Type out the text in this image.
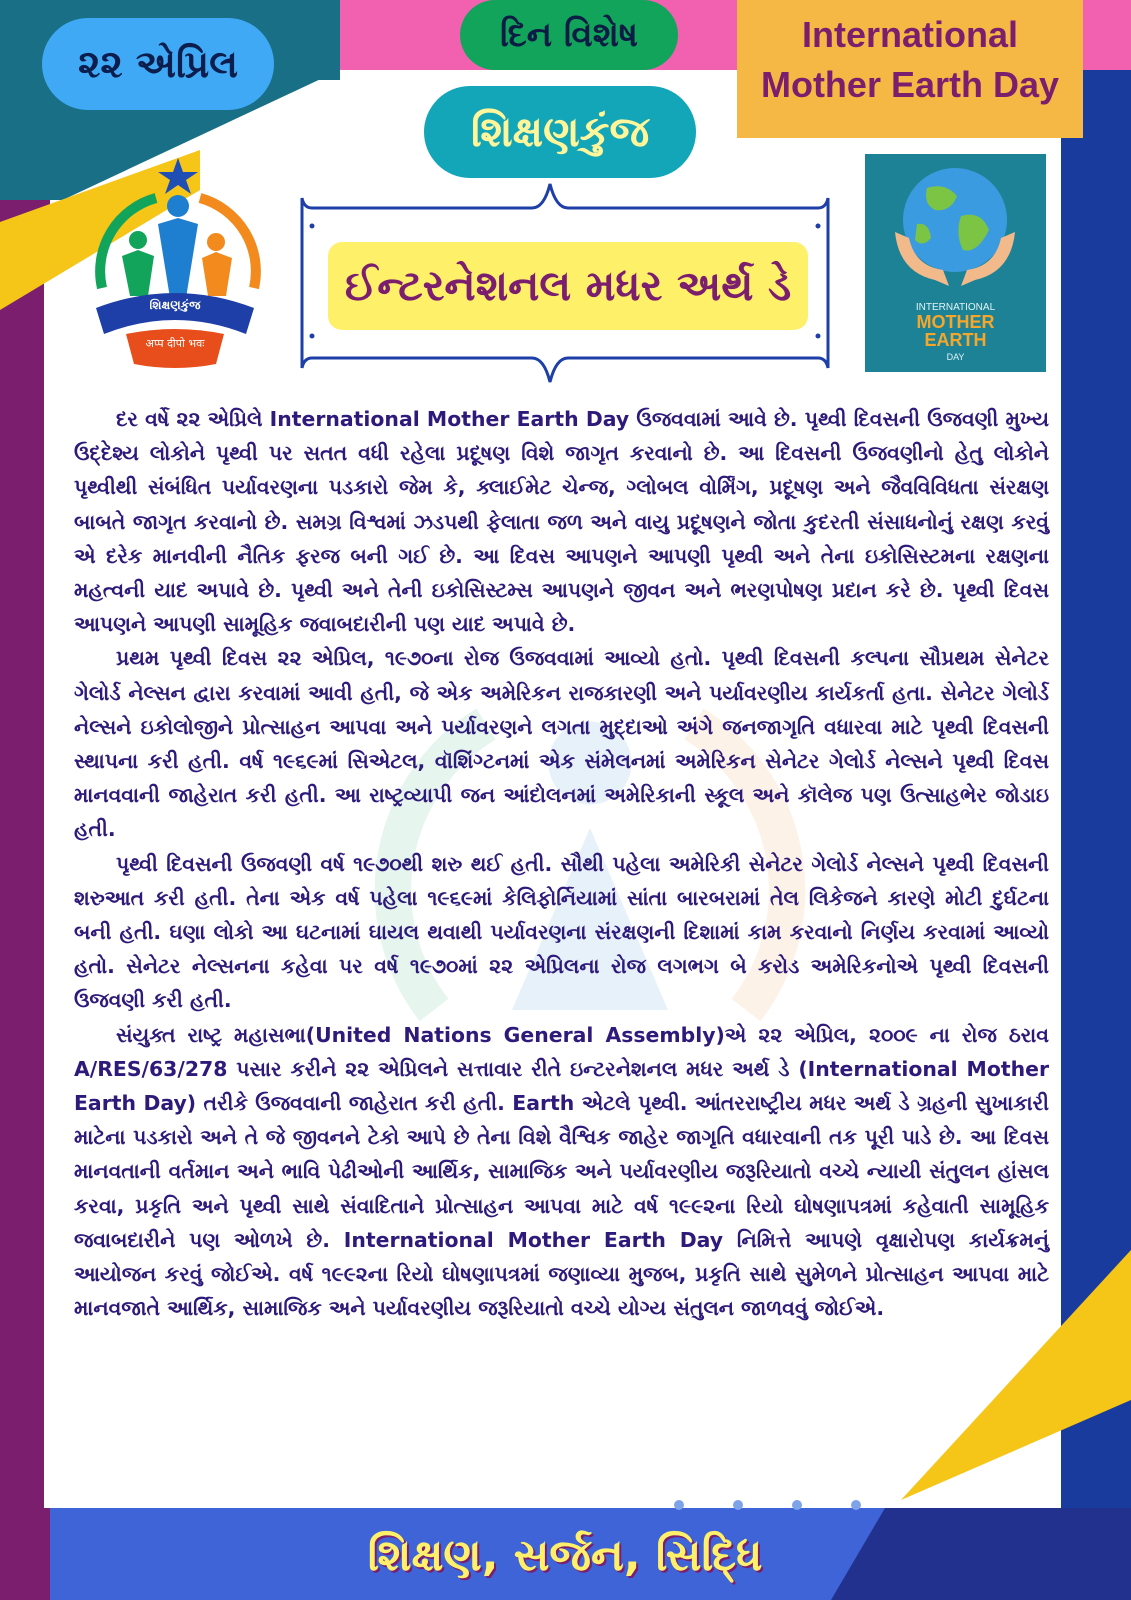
૨૨ એપ્રિલ
દિન વિશેષ
શિક્ષણકુંજ
International
Mother Earth Day
શિક્ષણકુંજ
अप्प दीपो भवः
ઈન્ટરનેશનલ મધર અર્થ ડે	INTERNATIONAL
MOTHER
EARTH
DAY

દર વર્ષે ૨૨ એપ્રિલે International Mother Earth Day ઉજવવામાં આવે છે. પૃથ્વી દિવસની ઉજવણી મુખ્ય ઉદ્દેશ્ય લોકોને પૃથ્વી પર સતત વધી રહેલા પ્રદૂષણ વિશે જાગૃત કરવાનો છે. આ દિવસની ઉજવણીનો હેતુ લોકોને પૃથ્વીથી સંબંધિત પર્યાવરણના પડકારો જેમ કે, ક્લાઈમેટ ચેન્જ, ગ્લોબલ વોર્મિંગ, પ્રદૂષણ અને જૈવવિવિધતા સંરક્ષણ બાબતે જાગૃત કરવાનો છે. સમગ્ર વિશ્વમાં ઝડપથી ફેલાતા જળ અને વાયુ પ્રદૂષણને જોતા કુદરતી સંસાધનોનું રક્ષણ કરવું એ દરેક માનવીની નૈતિક ફરજ બની ગઈ છે. આ દિવસ આપણને આપણી પૃથ્વી અને તેના ઇકોસિસ્ટમના રક્ષણના મહત્વની યાદ અપાવે છે. પૃથ્વી અને તેની ઇકોસિસ્ટમ્સ આપણને જીવન અને ભરણપોષણ પ્રદાન કરે છે. પૃથ્વી દિવસ આપણને આપણી સામૂહિક જવાબદારીની પણ યાદ અપાવે છે.

પ્રથમ પૃથ્વી દિવસ ૨૨ એપ્રિલ, ૧૯૭૦ના રોજ ઉજવવામાં આવ્યો હતો. પૃથ્વી દિવસની કલ્પના સૌપ્રથમ સેનેટર ગેલોર્ડ નેલ્સન દ્વારા કરવામાં આવી હતી, જે એક અમેરિકન રાજકારણી અને પર્યાવરણીય કાર્યકર્તા હતા. સેનેટર ગેલોર્ડ નેલ્સને ઇકોલોજીને પ્રોત્સાહન આપવા અને પર્યાવરણને લગતા મુદ્દાઓ અંગે જનજાગૃતિ વધારવા માટે પૃથ્વી દિવસની સ્થાપના કરી હતી. વર્ષ ૧૯૬૯માં સિએટલ, વૉશિંગ્ટનમાં એક સંમેલનમાં અમેરિકન સેનેટર ગેલોર્ડ નેલ્સને પૃથ્વી દિવસ માનવવાની જાહેરાત કરી હતી. આ રાષ્ટ્રવ્યાપી જન આંદોલનમાં અમેરિકાની સ્કૂલ અને કૉલેજ પણ ઉત્સાહભેર જોડાઇ હતી.

પૃથ્વી દિવસની ઉજવણી વર્ષ ૧૯૭૦થી શરુ થઈ હતી. સૌથી પહેલા અમેરિકી સેનેટર ગેલોર્ડ નેલ્સને પૃથ્વી દિવસની શરુઆત કરી હતી. તેના એક વર્ષ પહેલા ૧૯૬૯માં કેલિફોર્નિયામાં સાંતા બારબરામાં તેલ લિકેજને કારણે મોટી દુર્ઘટના બની હતી. ઘણા લોકો આ ઘટનામાં ઘાયલ થવાથી પર્યાવરણના સંરક્ષણની દિશામાં કામ કરવાનો નિર્ણય કરવામાં આવ્યો હતો. સેનેટર નેલ્સનના કહેવા પર વર્ષ ૧૯૭૦માં ૨૨ એપ્રિલના રોજ લગભગ બે કરોડ અમેરિકનોએ પૃથ્વી દિવસની ઉજવણી કરી હતી.

સંયુક્ત રાષ્ટ્ર મહાસભા(United Nations General Assembly)એ ૨૨ એપ્રિલ, ૨૦૦૯ ના રોજ ઠરાવ A/RES/63/278 પસાર કરીને ૨૨ એપ્રિલને સત્તાવાર રીતે ઇન્ટરનેશનલ મધર અર્થ ડે (International Mother Earth Day) તરીકે ઉજવવાની જાહેરાત કરી હતી. Earth એટલે પૃથ્વી. આંતરરાષ્ટ્રીય મધર અર્થ ડે ગ્રહની સુખાકારી માટેના પડકારો અને તે જે જીવનને ટેકો આપે છે તેના વિશે વૈશ્વિક જાહેર જાગૃતિ વધારવાની તક પૂરી પાડે છે. આ દિવસ માનવતાની વર્તમાન અને ભાવિ પેઢીઓની આર્થિક, સામાજિક અને પર્યાવરણીય જરૂરિયાતો વચ્ચે ન્યાયી સંતુલન હાંસલ કરવા, પ્રકૃતિ અને પૃથ્વી સાથે સંવાદિતાને પ્રોત્સાહન આપવા માટે વર્ષ ૧૯૯૨ના રિયો ઘોષણાપત્રમાં કહેવાતી સામૂહિક જવાબદારીને પણ ઓળખે છે. International Mother Earth Day નિમિત્તે આપણે વૃક્ષારોપણ કાર્યક્રમનું આયોજન કરવું જોઈએ. વર્ષ ૧૯૯૨ના રિયો ઘોષણાપત્રમાં જણાવ્યા મુજબ, પ્રકૃતિ સાથે સુમેળને પ્રોત્સાહન આપવા માટે માનવજાતે આર્થિક, સામાજિક અને પર્યાવરણીય જરૂરિયાતો વચ્ચે યોગ્ય સંતુલન જાળવવું જોઈએ.

શિક્ષણ, સર્જન, સિદ્ધિ
